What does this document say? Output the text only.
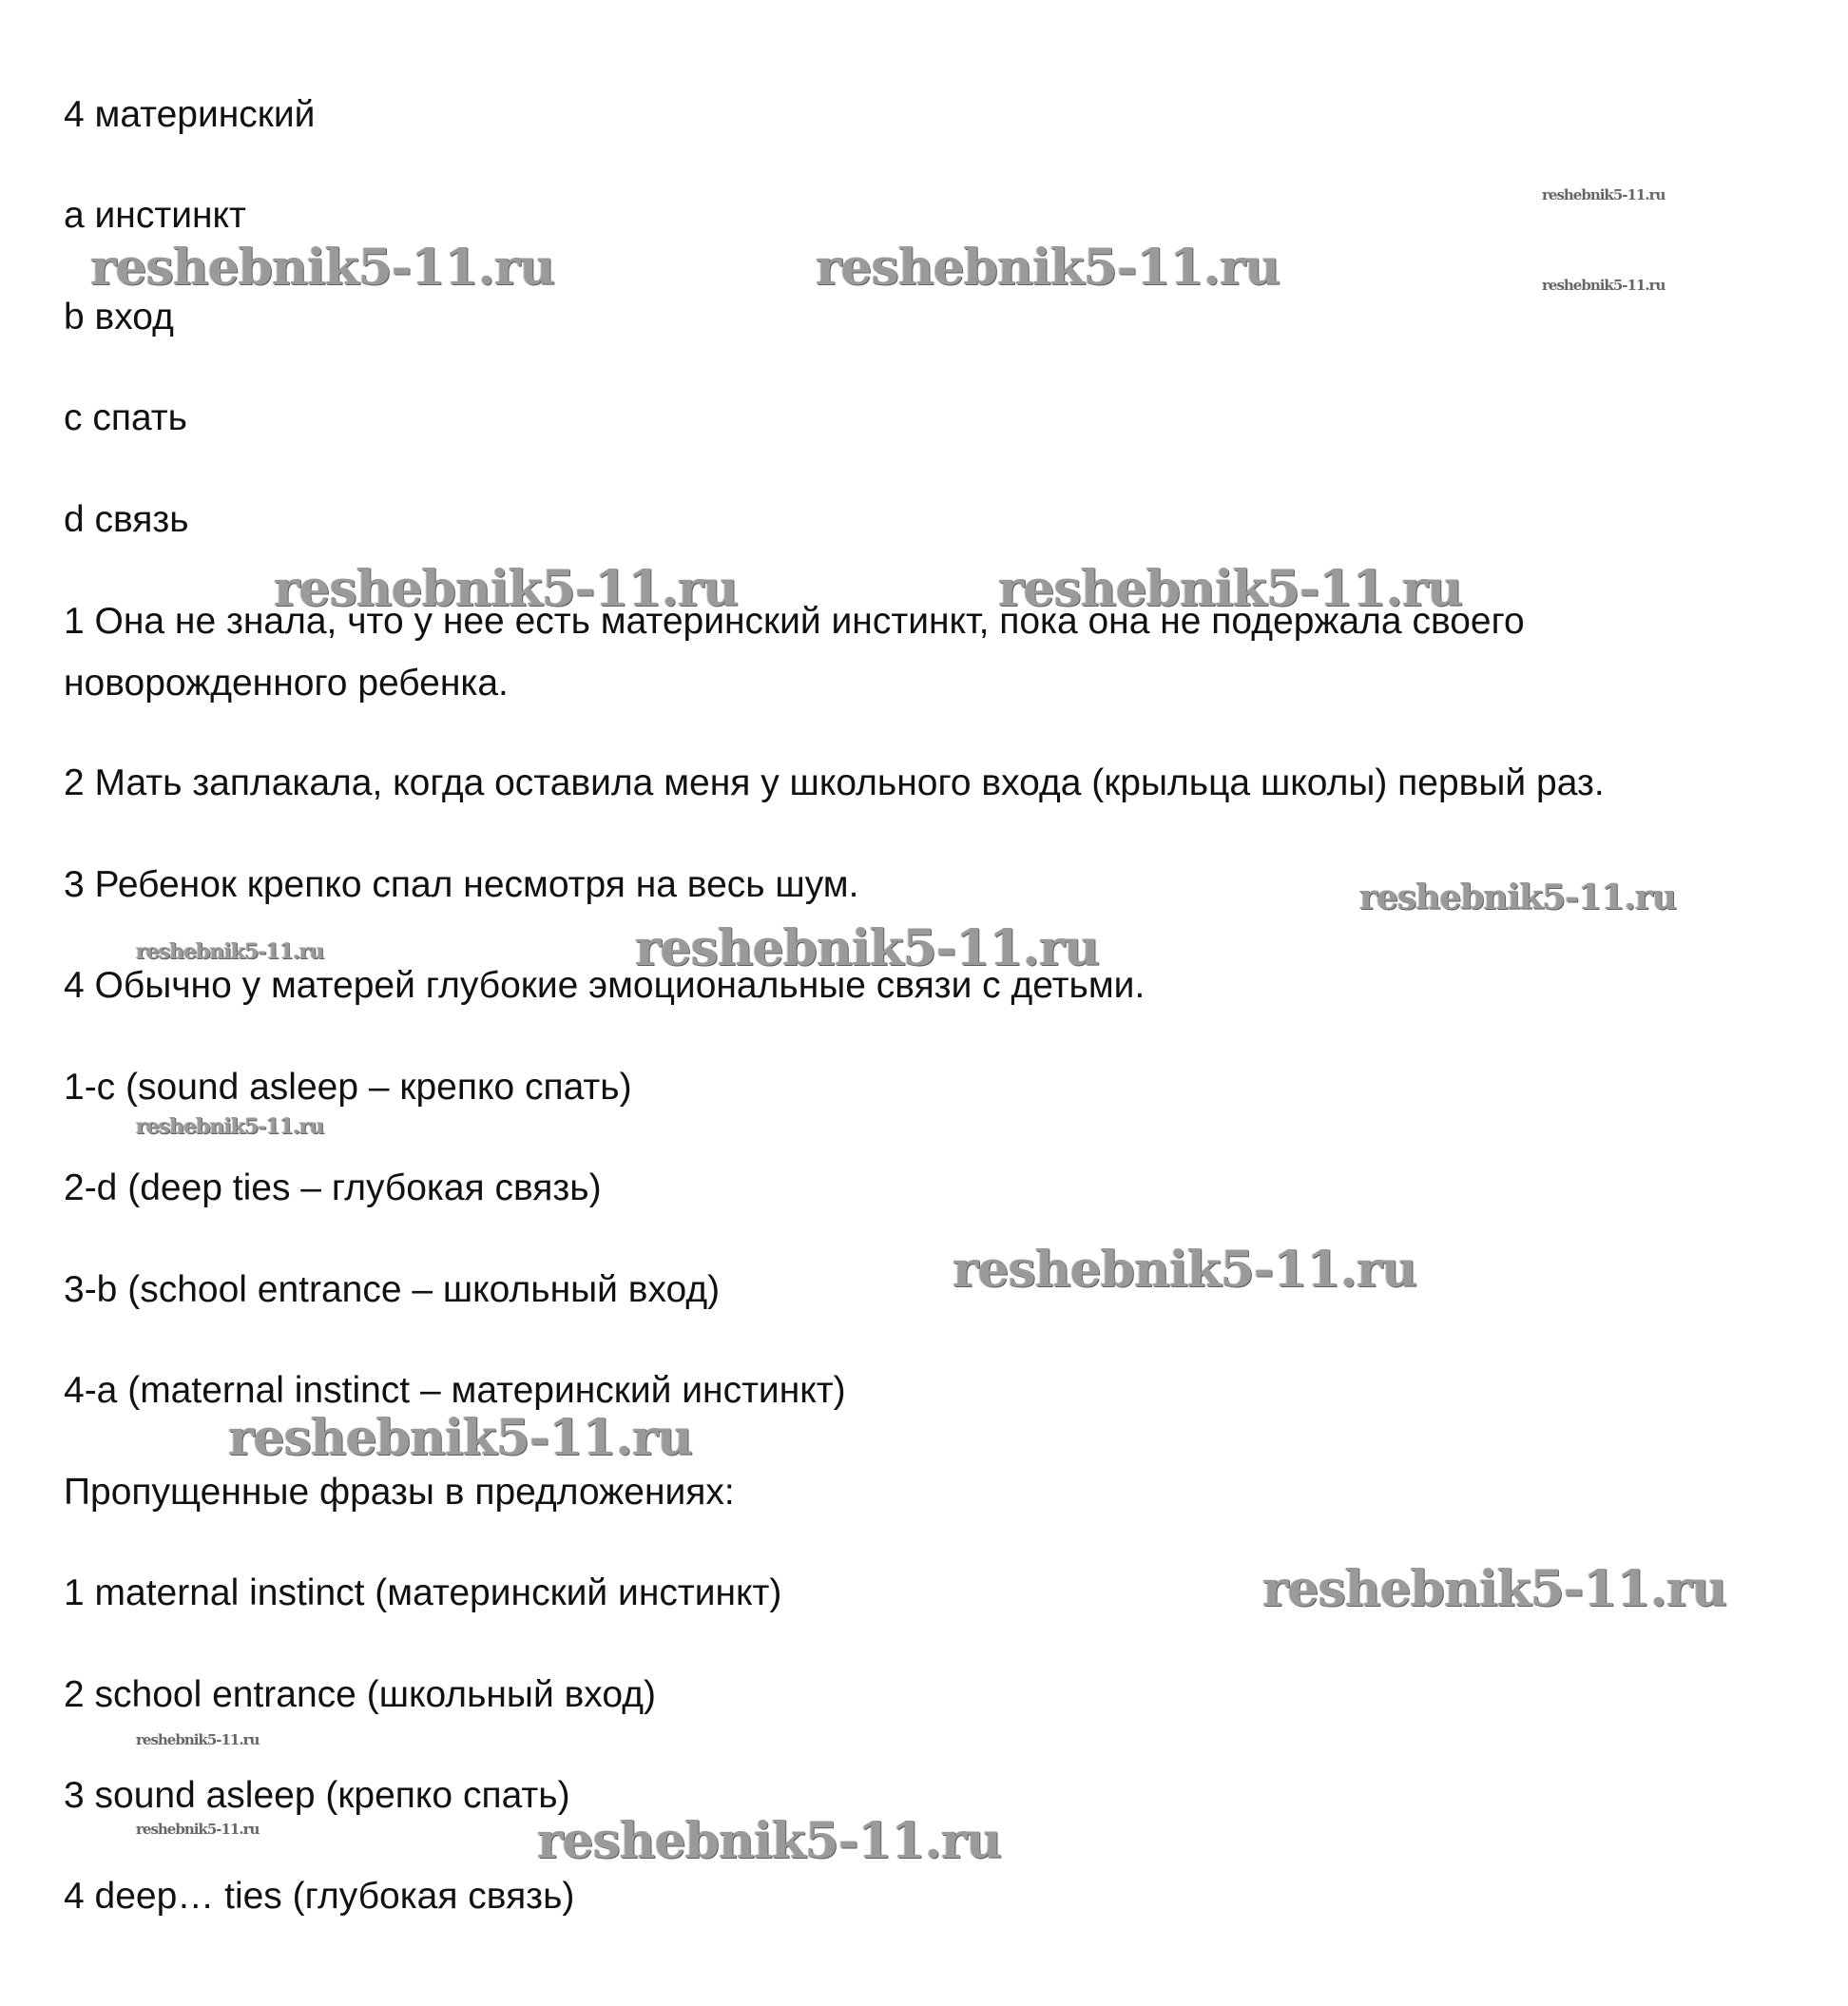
4 материнский
a инстинкт
b вход
c спать
d связь
1 Она не знала, что у нее есть материнский инстинкт, пока она не подержала своего новорожденного ребенка.
2 Мать заплакала, когда оставила меня у школьного входа (крыльца школы) первый раз.
3 Ребенок крепко спал несмотря на весь шум.
4 Обычно у матерей глубокие эмоциональные связи с детьми.
1-c (sound asleep – крепко спать)
2-d (deep ties – глубокая связь)
3-b (school entrance – школьный вход)
4-a (maternal instinct – материнский инстинкт)
Пропущенные фразы в предложениях:
1 maternal instinct (материнский инстинкт)
2 school entrance (школьный вход)
3 sound asleep (крепко спать)
4 deep… ties (глубокая связь)
reshebnik5-11.ru
reshebnik5-11.ru
reshebnik5-11.ru	reshebnik5-11.ru
reshebnik5-11.ru	reshebnik5-11.ru
reshebnik5-11.ru
reshebnik5-11.ru	reshebnik5-11.ru
reshebnik5-11.ru
reshebnik5-11.ru
reshebnik5-11.ru
reshebnik5-11.ru
reshebnik5-11.ru
reshebnik5-11.ru	reshebnik5-11.ru
